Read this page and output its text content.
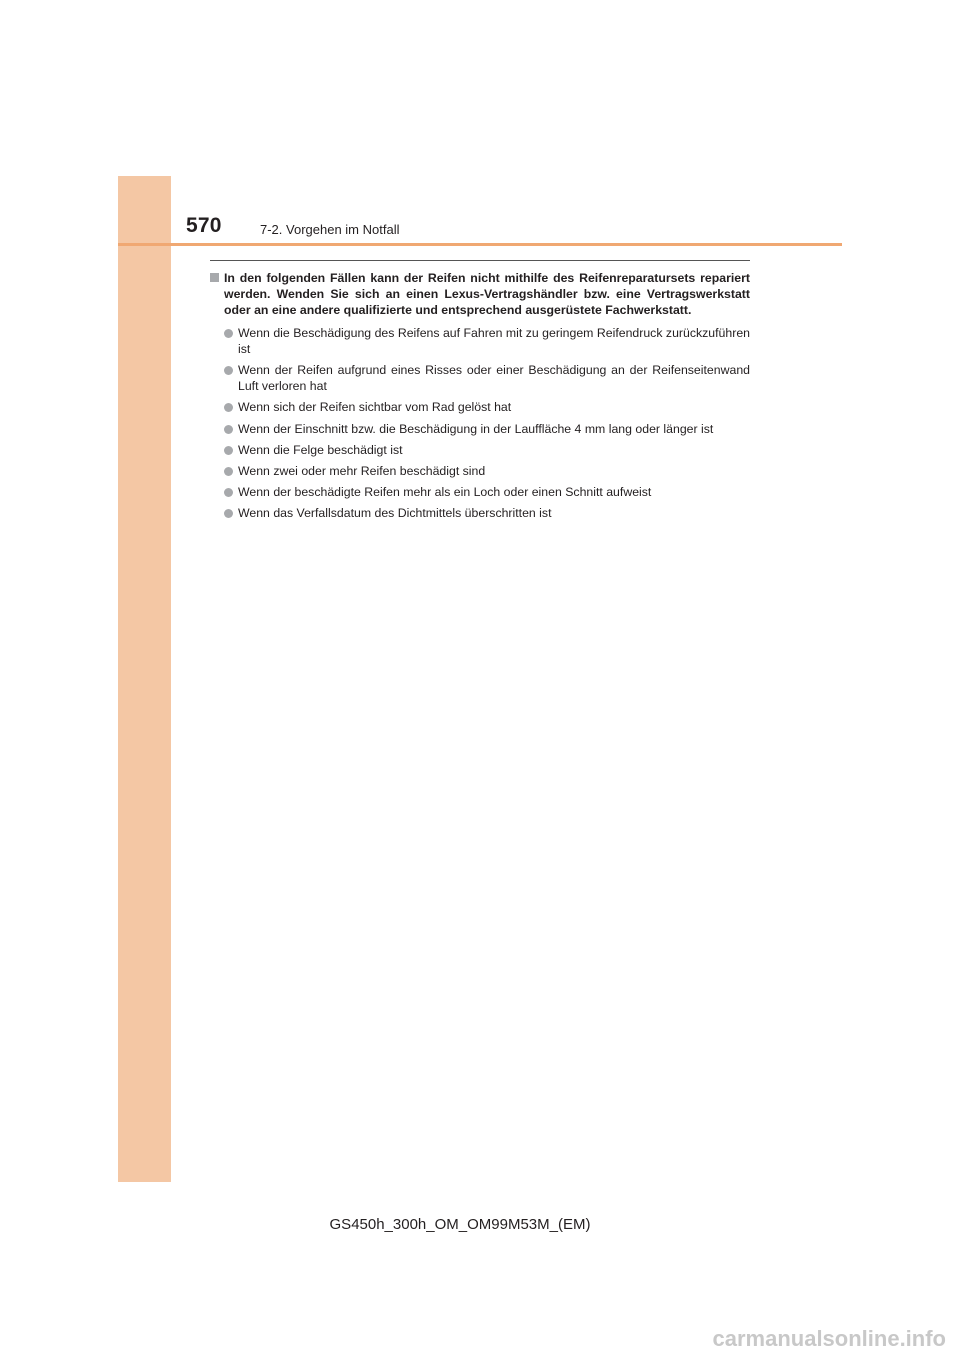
570	7-2. Vorgehen im Notfall
In den folgenden Fällen kann der Reifen nicht mithilfe des Reifenreparatursets repariert werden. Wenden Sie sich an einen Lexus-Vertragshändler bzw. eine Vertragswerkstatt oder an eine andere qualifizierte und entsprechend ausgerüstete Fachwerkstatt.
Wenn die Beschädigung des Reifens auf Fahren mit zu geringem Reifendruck zurückzuführen ist
Wenn der Reifen aufgrund eines Risses oder einer Beschädigung an der Reifenseitenwand Luft verloren hat
Wenn sich der Reifen sichtbar vom Rad gelöst hat
Wenn der Einschnitt bzw. die Beschädigung in der Lauffläche 4 mm lang oder länger ist
Wenn die Felge beschädigt ist
Wenn zwei oder mehr Reifen beschädigt sind
Wenn der beschädigte Reifen mehr als ein Loch oder einen Schnitt aufweist
Wenn das Verfallsdatum des Dichtmittels überschritten ist
GS450h_300h_OM_OM99M53M_(EM)
carmanualsonline.info
